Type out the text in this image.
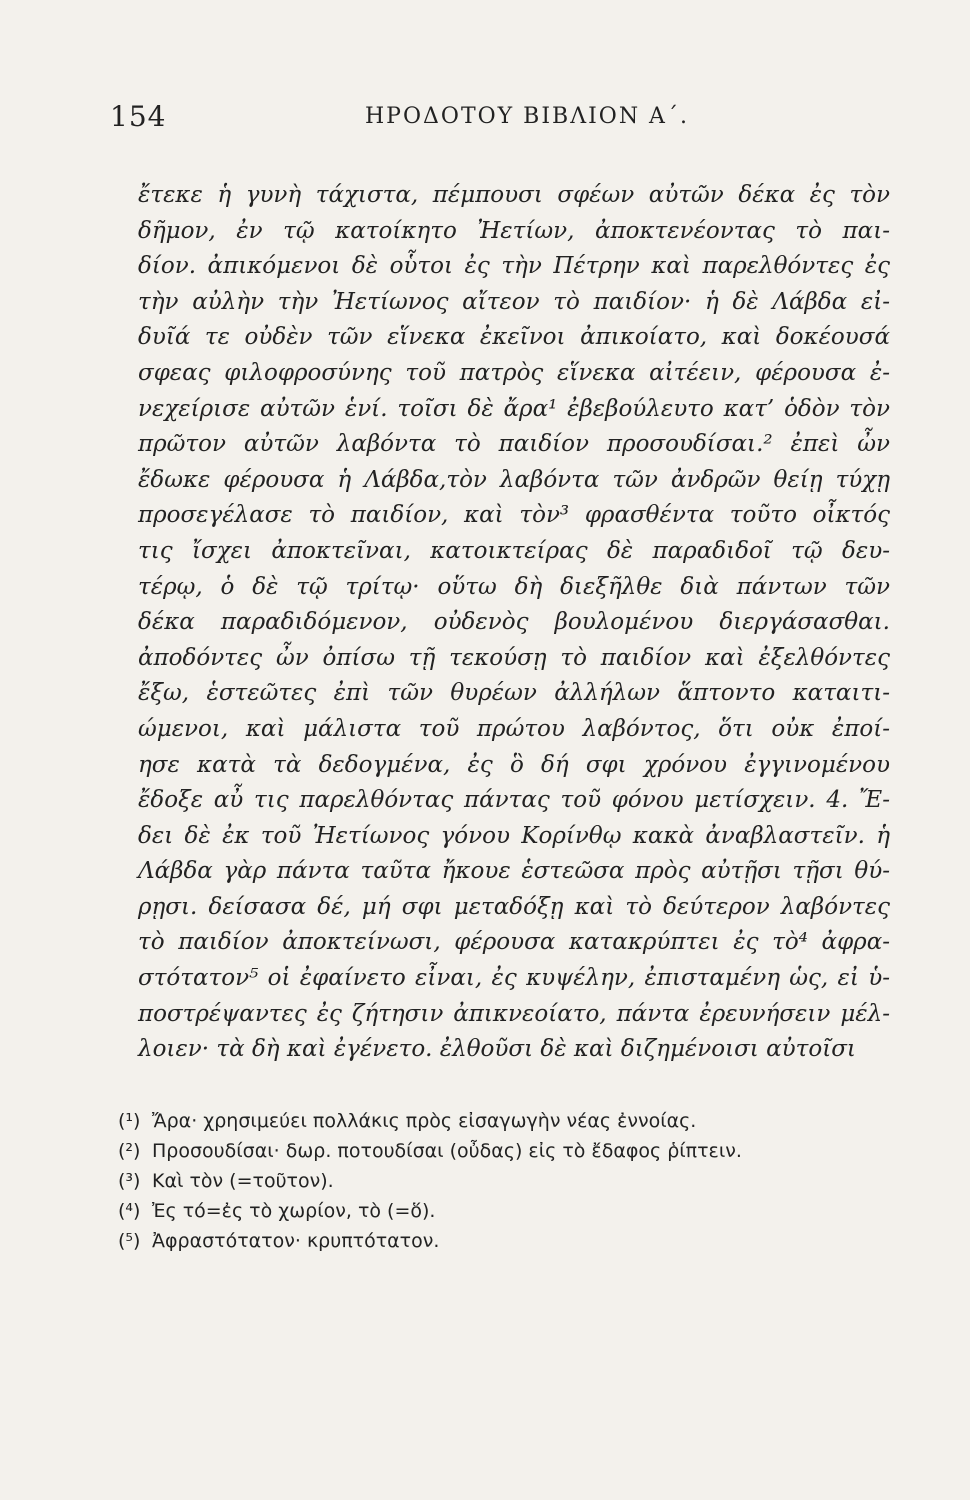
154	ΗΡΟΔΟΤΟΥ ΒΙΒΛΙΟΝ Α΄.
ἔτεκε ἡ γυνὴ τάχιστα, πέμπουσι σφέων αὐτῶν δέκα ἐς τὸν
δῆμον, ἐν τῷ κατοίκητο Ἠετίων, ἀποκτενέοντας τὸ παι-
δίον. ἀπικόμενοι δὲ οὗτοι ἐς τὴν Πέτρην καὶ παρελθόντες ἐς
τὴν αὐλὴν τὴν Ἠετίωνος αἴτεον τὸ παιδίον· ἡ δὲ Λάβδα εἰ-
δυῖά τε οὐδὲν τῶν εἵνεκα ἐκεῖνοι ἀπικοίατο, καὶ δοκέουσά
σφεας φιλοφροσύνης τοῦ πατρὸς εἵνεκα αἰτέειν, φέρουσα ἐ-
νεχείρισε αὐτῶν ἑνί. τοῖσι δὲ ἄρα¹ ἐβεβούλευτο κατ’ ὁδὸν τὸν
πρῶτον αὐτῶν λαβόντα τὸ παιδίον προσουδίσαι.² ἐπεὶ ὦν
ἔδωκε φέρουσα ἡ Λάβδα,τὸν λαβόντα τῶν ἀνδρῶν θείῃ τύχῃ
προσεγέλασε τὸ παιδίον, καὶ τὸν³ φρασθέντα τοῦτο οἶκτός
τις ἴσχει ἀποκτεῖναι, κατοικτείρας δὲ παραδιδοῖ τῷ δευ-
τέρῳ, ὁ δὲ τῷ τρίτῳ· οὕτω δὴ διεξῆλθε διὰ πάντων τῶν
δέκα παραδιδόμενον, οὐδενὸς βουλομένου διεργάσασθαι.
ἀποδόντες ὦν ὀπίσω τῇ τεκούσῃ τὸ παιδίον καὶ ἐξελθόντες
ἔξω, ἑστεῶτες ἐπὶ τῶν θυρέων ἀλλήλων ἅπτοντο καταιτι-
ώμενοι, καὶ μάλιστα τοῦ πρώτου λαβόντος, ὅτι οὐκ ἐποί-
ησε κατὰ τὰ δεδογμένα, ἐς ὃ δή σφι χρόνου ἐγγινομένου
ἔδοξε αὖ τις παρελθόντας πάντας τοῦ φόνου μετίσχειν. 4. Ἔ-
δει δὲ ἐκ τοῦ Ἠετίωνος γόνου Κορίνθῳ κακὰ ἀναβλαστεῖν. ἡ
Λάβδα γὰρ πάντα ταῦτα ἤκουε ἑστεῶσα πρὸς αὐτῇσι τῇσι θύ-
ρῃσι. δείσασα δέ, μή σφι μεταδόξῃ καὶ τὸ δεύτερον λαβόντες
τὸ παιδίον ἀποκτείνωσι, φέρουσα κατακρύπτει ἐς τὸ⁴ ἀφρα-
στότατον⁵ οἱ ἐφαίνετο εἶναι, ἐς κυψέλην, ἐπισταμένη ὡς, εἰ ὑ-
ποστρέψαντες ἐς ζήτησιν ἀπικνεοίατο, πάντα ἐρευνήσειν μέλ-
λοιεν· τὰ δὴ καὶ ἐγένετο. ἐλθοῦσι δὲ καὶ διζημένοισι αὐτοῖσι
(¹) Ἄρα· χρησιμεύει πολλάκις πρὸς εἰσαγωγὴν νέας ἐννοίας.
(²) Προσουδίσαι· δωρ. ποτουδίσαι (οὖδας) εἰς τὸ ἔδαφος ῥίπτειν.
(³) Καὶ τὸν (=τοῦτον).
(⁴) Ἐς τό=ἐς τὸ χωρίον, τὸ (=ὅ).
(⁵) Ἀφραστότατον· κρυπτότατον.
